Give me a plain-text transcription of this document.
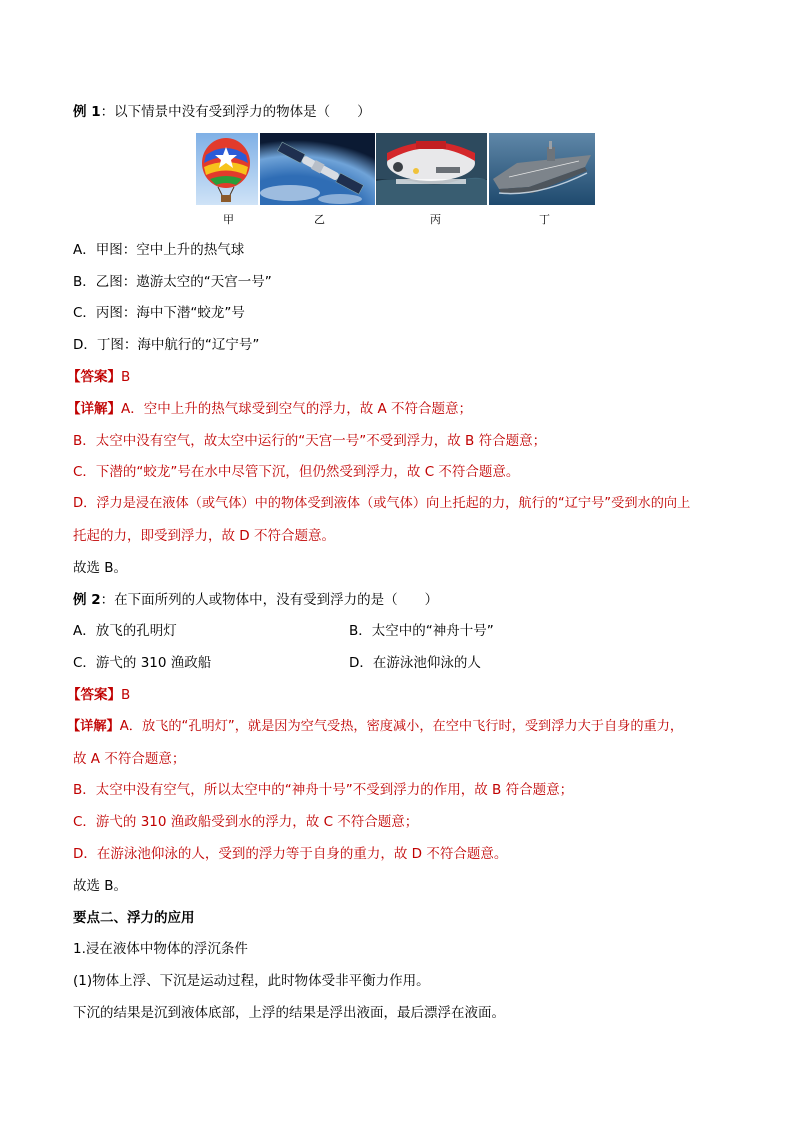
例 1：以下情景中没有受到浮力的物体是（　　）
甲	乙	丙	丁
A．甲图：空中上升的热气球
B．乙图：遨游太空的“天宫一号”
C．丙图：海中下潜“蛟龙”号
D．丁图：海中航行的“辽宁号”
【答案】B
【详解】A．空中上升的热气球受到空气的浮力，故 A 不符合题意；
B．太空中没有空气，故太空中运行的“天宫一号”不受到浮力，故 B 符合题意；
C．下潜的“蛟龙”号在水中尽管下沉，但仍然受到浮力，故 C 不符合题意。
D．浮力是浸在液体（或气体）中的物体受到液体（或气体）向上托起的力，航行的“辽宁号”受到水的向上
托起的力，即受到浮力，故 D 不符合题意。
故选 B。
例 2：在下面所列的人或物体中，没有受到浮力的是（　　）
A．放飞的孔明灯	B．太空中的“神舟十号”
C．游弋的 310 渔政船	D．在游泳池仰泳的人
【答案】B
【详解】A．放飞的“孔明灯”，就是因为空气受热，密度减小，在空中飞行时，受到浮力大于自身的重力，
故 A 不符合题意；
B．太空中没有空气，所以太空中的“神舟十号”不受到浮力的作用，故 B 符合题意；
C．游弋的 310 渔政船受到水的浮力，故 C 不符合题意；
D．在游泳池仰泳的人，受到的浮力等于自身的重力，故 D 不符合题意。
故选 B。
要点二、浮力的应用
1.浸在液体中物体的浮沉条件
(1)物体上浮、下沉是运动过程，此时物体受非平衡力作用。
下沉的结果是沉到液体底部，上浮的结果是浮出液面，最后漂浮在液面。
